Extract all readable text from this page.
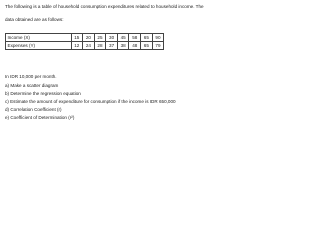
The following is a table of household consumption expenditures related to household income. The
data obtained are as follows:
Income (X)	15	20	25	30	45	58	65	90
Expenses (Y)	12	24	28	37	38	48	65	79
In IDR 10,000 per month.
a) Make a scatter diagram
b) Determine the regression equation
c) Estimate the amount of expenditure for consumption if the income is IDR 650,000
d) Correlation Coefficient (r)
e) Coefficient of Determination (r²)
